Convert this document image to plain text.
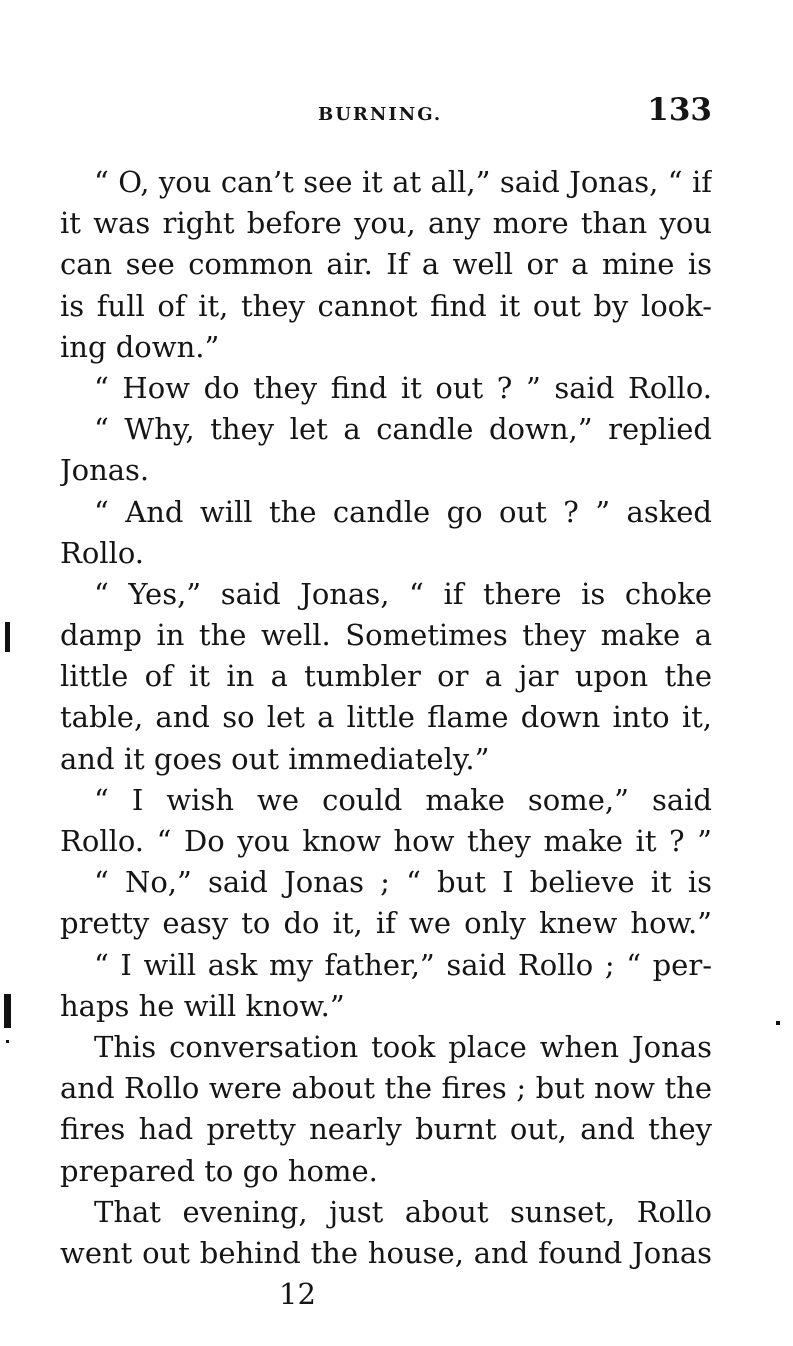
BURNING.	133
“ O, you can’t see it at all,” said Jonas, “ if
it was right before you, any more than you
can see common air. If a well or a mine is
is full of it, they cannot find it out by look-
ing down.”
“ How do they find it out ? ” said Rollo.
“ Why, they let a candle down,” replied
Jonas.
“ And will the candle go out ? ” asked
Rollo.
“ Yes,” said Jonas, “ if there is choke
damp in the well. Sometimes they make a
little of it in a tumbler or a jar upon the
table, and so let a little flame down into it,
and it goes out immediately.”
“ I wish we could make some,” said
Rollo. “ Do you know how they make it ? ”
“ No,” said Jonas ; “ but I believe it is
pretty easy to do it, if we only knew how.”
“ I will ask my father,” said Rollo ; “ per-
haps he will know.”
This conversation took place when Jonas
and Rollo were about the fires ; but now the
fires had pretty nearly burnt out, and they
prepared to go home.
That evening, just about sunset, Rollo
went out behind the house, and found Jonas
12
